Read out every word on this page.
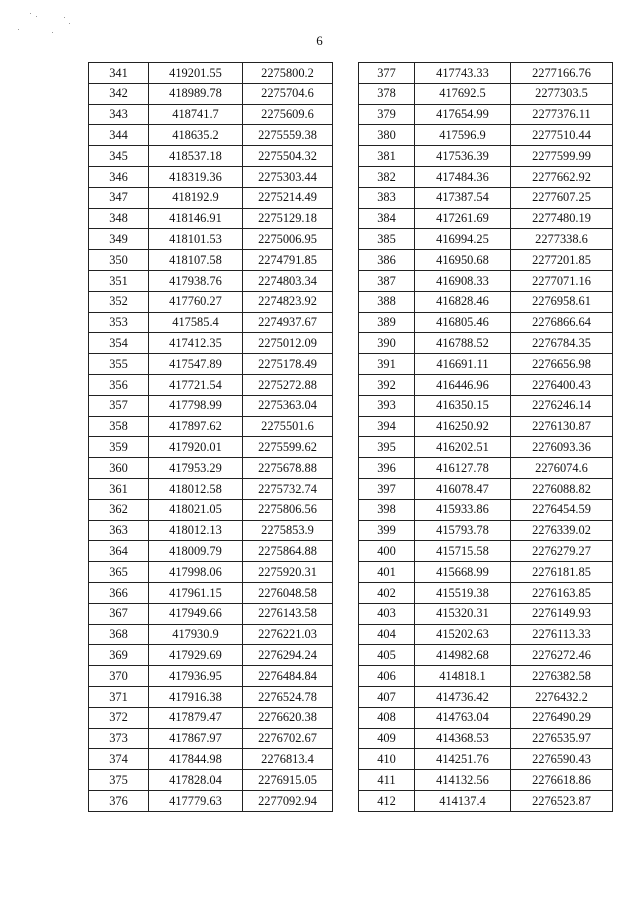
6
341	419201.55	2275800.2
342	418989.78	2275704.6
343	418741.7	2275609.6
344	418635.2	2275559.38
345	418537.18	2275504.32
346	418319.36	2275303.44
347	418192.9	2275214.49
348	418146.91	2275129.18
349	418101.53	2275006.95
350	418107.58	2274791.85
351	417938.76	2274803.34
352	417760.27	2274823.92
353	417585.4	2274937.67
354	417412.35	2275012.09
355	417547.89	2275178.49
356	417721.54	2275272.88
357	417798.99	2275363.04
358	417897.62	2275501.6
359	417920.01	2275599.62
360	417953.29	2275678.88
361	418012.58	2275732.74
362	418021.05	2275806.56
363	418012.13	2275853.9
364	418009.79	2275864.88
365	417998.06	2275920.31
366	417961.15	2276048.58
367	417949.66	2276143.58
368	417930.9	2276221.03
369	417929.69	2276294.24
370	417936.95	2276484.84
371	417916.38	2276524.78
372	417879.47	2276620.38
373	417867.97	2276702.67
374	417844.98	2276813.4
375	417828.04	2276915.05
376	417779.63	2277092.94
377	417743.33	2277166.76
378	417692.5	2277303.5
379	417654.99	2277376.11
380	417596.9	2277510.44
381	417536.39	2277599.99
382	417484.36	2277662.92
383	417387.54	2277607.25
384	417261.69	2277480.19
385	416994.25	2277338.6
386	416950.68	2277201.85
387	416908.33	2277071.16
388	416828.46	2276958.61
389	416805.46	2276866.64
390	416788.52	2276784.35
391	416691.11	2276656.98
392	416446.96	2276400.43
393	416350.15	2276246.14
394	416250.92	2276130.87
395	416202.51	2276093.36
396	416127.78	2276074.6
397	416078.47	2276088.82
398	415933.86	2276454.59
399	415793.78	2276339.02
400	415715.58	2276279.27
401	415668.99	2276181.85
402	415519.38	2276163.85
403	415320.31	2276149.93
404	415202.63	2276113.33
405	414982.68	2276272.46
406	414818.1	2276382.58
407	414736.42	2276432.2
408	414763.04	2276490.29
409	414368.53	2276535.97
410	414251.76	2276590.43
411	414132.56	2276618.86
412	414137.4	2276523.87
